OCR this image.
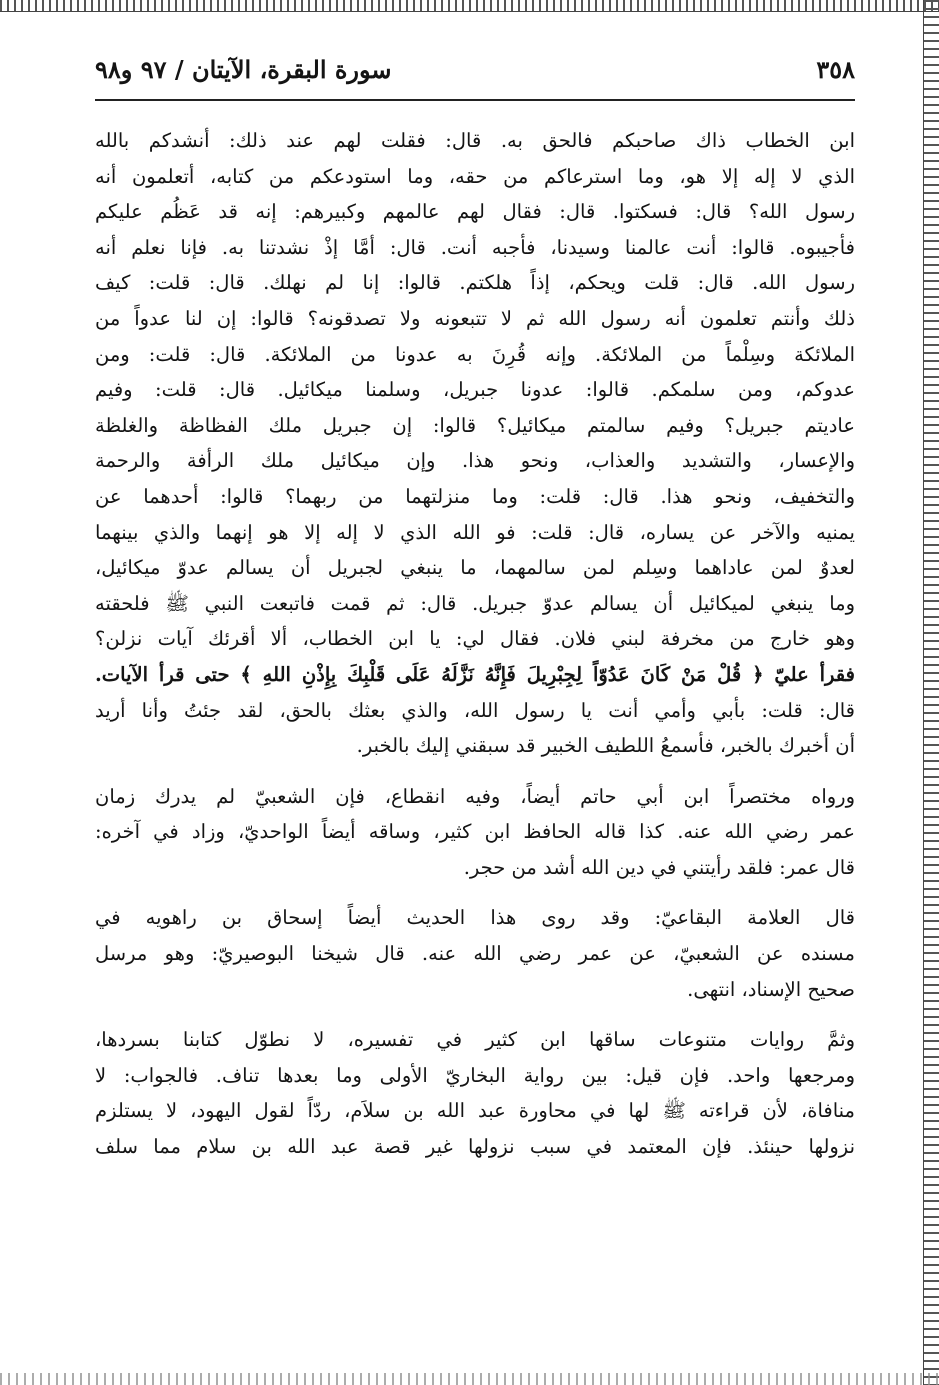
٣٥٨
سورة البقرة، الآيتان / ٩٧ و٩٨
ابن الخطاب ذاك صاحبكم فالحق به. قال: فقلت لهم عند ذلك: أنشدكم بالله
الذي لا إله إلا هو، وما استرعاكم من حقه، وما استودعكم من كتابه، أتعلمون أنه
رسول الله؟ قال: فسكتوا. قال: فقال لهم عالمهم وكبيرهم: إنه قد عَظُم عليكم
فأجيبوه. قالوا: أنت عالمنا وسيدنا، فأجبه أنت. قال: أمَّا إذْ نشدتنا به. فإنا نعلم أنه
رسول الله. قال: قلت ويحكم، إذاً هلكتم. قالوا: إنا لم نهلك. قال: قلت: كيف
ذلك وأنتم تعلمون أنه رسول الله ثم لا تتبعونه ولا تصدقونه؟ قالوا: إن لنا عدواً من
الملائكة وسِلْماً من الملائكة. وإنه قُرِنَ به عدونا من الملائكة. قال: قلت: ومن
عدوكم، ومن سلمكم. قالوا: عدونا جبريل، وسلمنا ميكائيل. قال: قلت: وفيم
عاديتم جبريل؟ وفيم سالمتم ميكائيل؟ قالوا: إن جبريل ملك الفظاظة والغلظة
والإعسار، والتشديد والعذاب، ونحو هذا. وإن ميكائيل ملك الرأفة والرحمة
والتخفيف، ونحو هذا. قال: قلت: وما منزلتهما من ربهما؟ قالوا: أحدهما عن
يمنيه والآخر عن يساره، قال: قلت: فو الله الذي لا إله إلا هو إنهما والذي بينهما
لعدوٌ لمن عاداهما وسِلم لمن سالمهما، ما ينبغي لجبريل أن يسالم عدوّ ميكائيل،
وما ينبغي لميكائيل أن يسالم عدوّ جبريل. قال: ثم قمت فاتبعت النبي ﷺ فلحقته
وهو خارج من مخرفة لبني فلان. فقال لي: يا ابن الخطاب، ألا أقرئك آيات نزلن؟
فقرأ عليّ ﴿ قُلْ مَنْ كَانَ عَدُوّاً لِجِبْرِيلَ فَإِنَّهُ نَزَّلَهُ عَلَى قَلْبِكَ بِإِذْنِ اللهِ ﴾ حتى قرأ الآيات.
قال: قلت: بأبي وأمي أنت يا رسول الله، والذي بعثك بالحق، لقد جئتُ وأنا أريد
أن أخبرك بالخبر، فأسمعُ اللطيف الخبير قد سبقني إليك بالخبر.
ورواه مختصراً ابن أبي حاتم أيضاً، وفيه انقطاع، فإن الشعبيّ لم يدرك زمان
عمر رضي الله عنه. كذا قاله الحافظ ابن كثير، وساقه أيضاً الواحديّ، وزاد في آخره:
قال عمر: فلقد رأيتني في دين الله أشد من حجر.
قال العلامة البقاعيّ: وقد روى هذا الحديث أيضاً إسحاق بن راهويه في
مسنده عن الشعبيّ، عن عمر رضي الله عنه. قال شيخنا البوصيريّ: وهو مرسل
صحيح الإسناد، انتهى.
وثمَّ روايات متنوعات ساقها ابن كثير في تفسيره، لا نطوّل كتابنا بسردها،
ومرجعها واحد. فإن قيل: بين رواية البخاريّ الأولى وما بعدها تناف. فالجواب: لا
منافاة، لأن قراءته ﷺ لها في محاورة عبد الله بن سلاَم، ردّاً لقول اليهود، لا يستلزم
نزولها حينئذ. فإن المعتمد في سبب نزولها غير قصة عبد الله بن سلام مما سلف
